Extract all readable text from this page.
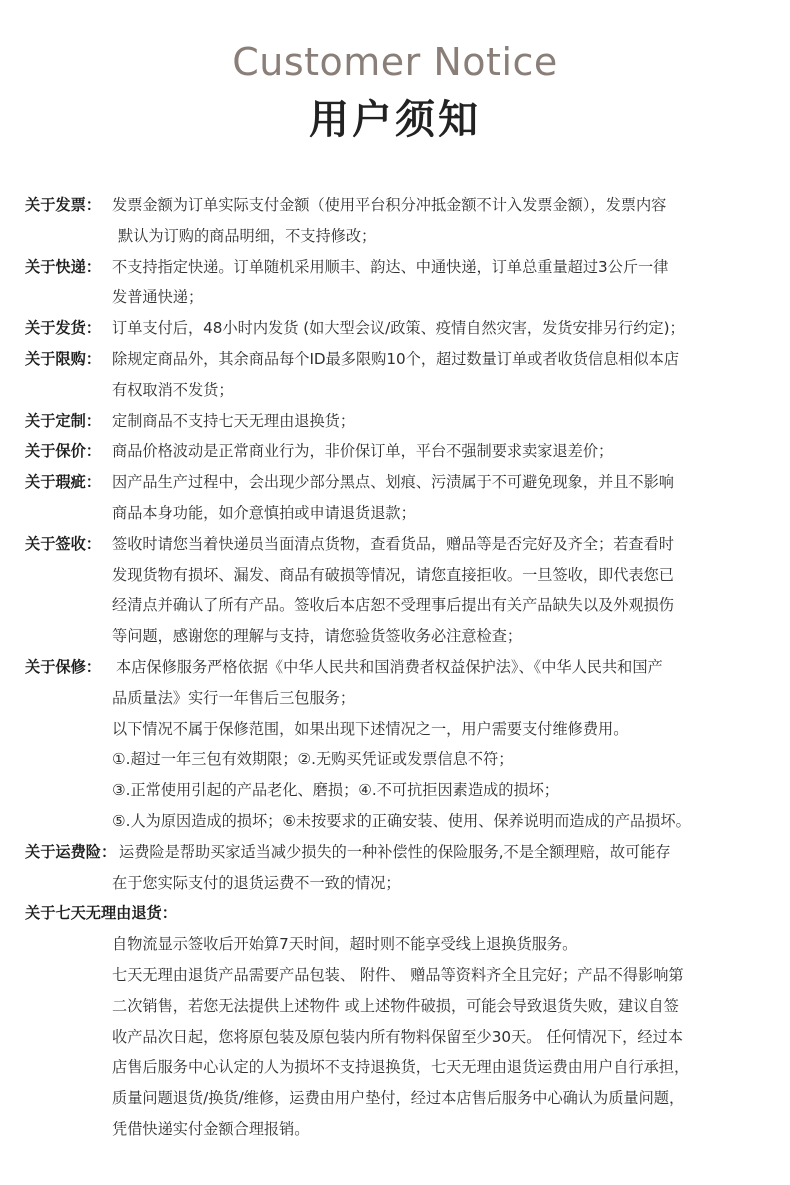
Customer Notice
用户须知
关于发票： 发票金额为订单实际支付金额（使用平台积分冲抵金额不计入发票金额），发票内容
默认为订购的商品明细，不支持修改；
关于快递： 不支持指定快递。订单随机采用顺丰、韵达、中通快递，订单总重量超过3公斤一律
发普通快递；
关于发货： 订单支付后，48小时内发货 (如大型会议/政策、疫情自然灾害，发货安排另行约定)；
关于限购： 除规定商品外，其余商品每个ID最多限购10个，超过数量订单或者收货信息相似本店
有权取消不发货；
关于定制： 定制商品不支持七天无理由退换货；
关于保价： 商品价格波动是正常商业行为，非价保订单，平台不强制要求卖家退差价；
关于瑕疵： 因产品生产过程中，会出现少部分黑点、划痕、污渍属于不可避免现象，并且不影响
商品本身功能，如介意慎拍或申请退货退款；
关于签收： 签收时请您当着快递员当面清点货物，查看货品，赠品等是否完好及齐全；若查看时
发现货物有损坏、漏发、商品有破损等情况，请您直接拒收。一旦签收，即代表您已
经清点并确认了所有产品。签收后本店恕不受理事后提出有关产品缺失以及外观损伤
等问题，感谢您的理解与支持，请您验货签收务必注意检查；
关于保修： 本店保修服务严格依据《中华人民共和国消费者权益保护法》、《中华人民共和国产
品质量法》实行一年售后三包服务；
以下情况不属于保修范围，如果出现下述情况之一，用户需要支付维修费用。
①.超过一年三包有效期限；②.无购买凭证或发票信息不符；
③.正常使用引起的产品老化、磨损；④.不可抗拒因素造成的损坏；
⑤.人为原因造成的损坏；⑥未按要求的正确安装、使用、保养说明而造成的产品损坏。
关于运费险： 运费险是帮助买家适当减少损失的一种补偿性的保险服务,不是全额理赔，故可能存
在于您实际支付的退货运费不一致的情况；
关于七天无理由退货：
自物流显示签收后开始算7天时间，超时则不能享受线上退换货服务。
七天无理由退货产品需要产品包装、 附件、 赠品等资料齐全且完好；产品不得影响第
二次销售，若您无法提供上述物件 或上述物件破损，可能会导致退货失败，建议自签
收产品次日起，您将原包装及原包装内所有物料保留至少30天。 任何情况下，经过本
店售后服务中心认定的人为损坏不支持退换货，七天无理由退货运费由用户自行承担，
质量问题退货/换货/维修，运费由用户垫付，经过本店售后服务中心确认为质量问题，
凭借快递实付金额合理报销。
